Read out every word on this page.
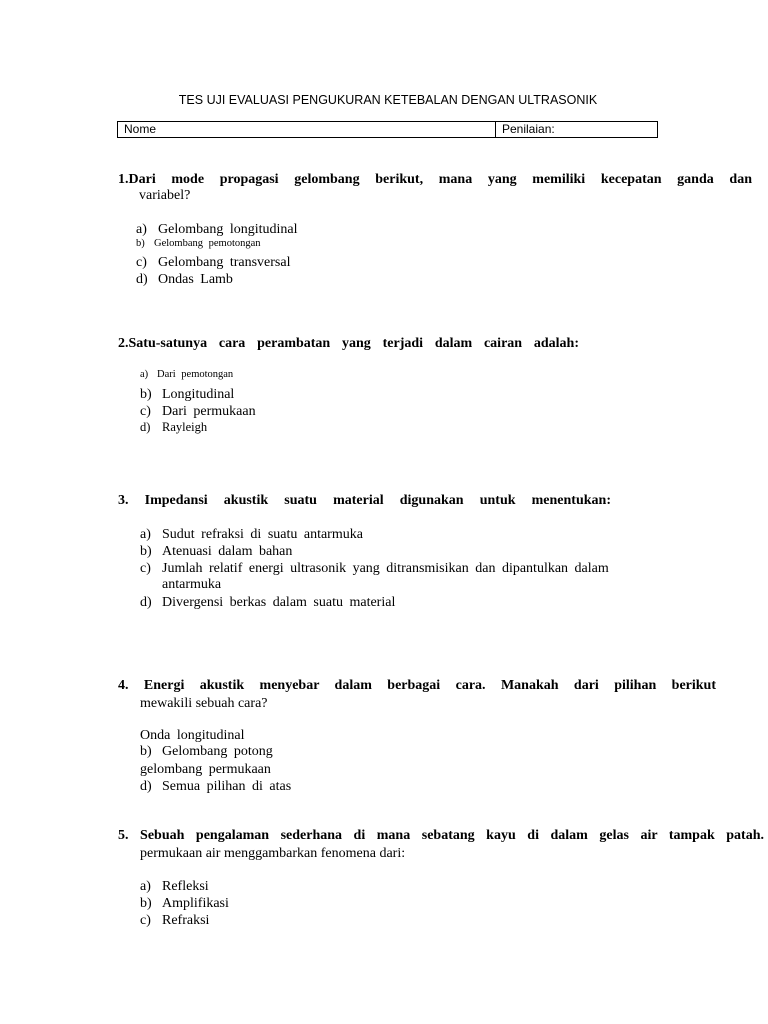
TES UJI EVALUASI PENGUKURAN KETEBALAN DENGAN ULTRASONIK
Nome	Penilaian:
1.Dari mode propagasi gelombang berikut, mana yang memiliki kecepatan ganda dan
variabel?
a) Gelombang longitudinal
b) Gelombang pemotongan
c) Gelombang transversal
d) Ondas Lamb
2.Satu-satunya cara perambatan yang terjadi dalam cairan adalah:
a) Dari pemotongan
b) Longitudinal
c) Dari permukaan
d) Rayleigh
3. Impedansi akustik suatu material digunakan untuk menentukan:
a) Sudut refraksi di suatu antarmuka
b) Atenuasi dalam bahan
c) Jumlah relatif energi ultrasonik yang ditransmisikan dan dipantulkan dalam
antarmuka
d) Divergensi berkas dalam suatu material
4. Energi akustik menyebar dalam berbagai cara. Manakah dari pilihan berikut
mewakili sebuah cara?
Onda longitudinal
b) Gelombang potong
gelombang permukaan
d) Semua pilihan di atas
5. Sebuah pengalaman sederhana di mana sebatang kayu di dalam gelas air tampak patah.
permukaan air menggambarkan fenomena dari:
a) Refleksi
b) Amplifikasi
c) Refraksi
